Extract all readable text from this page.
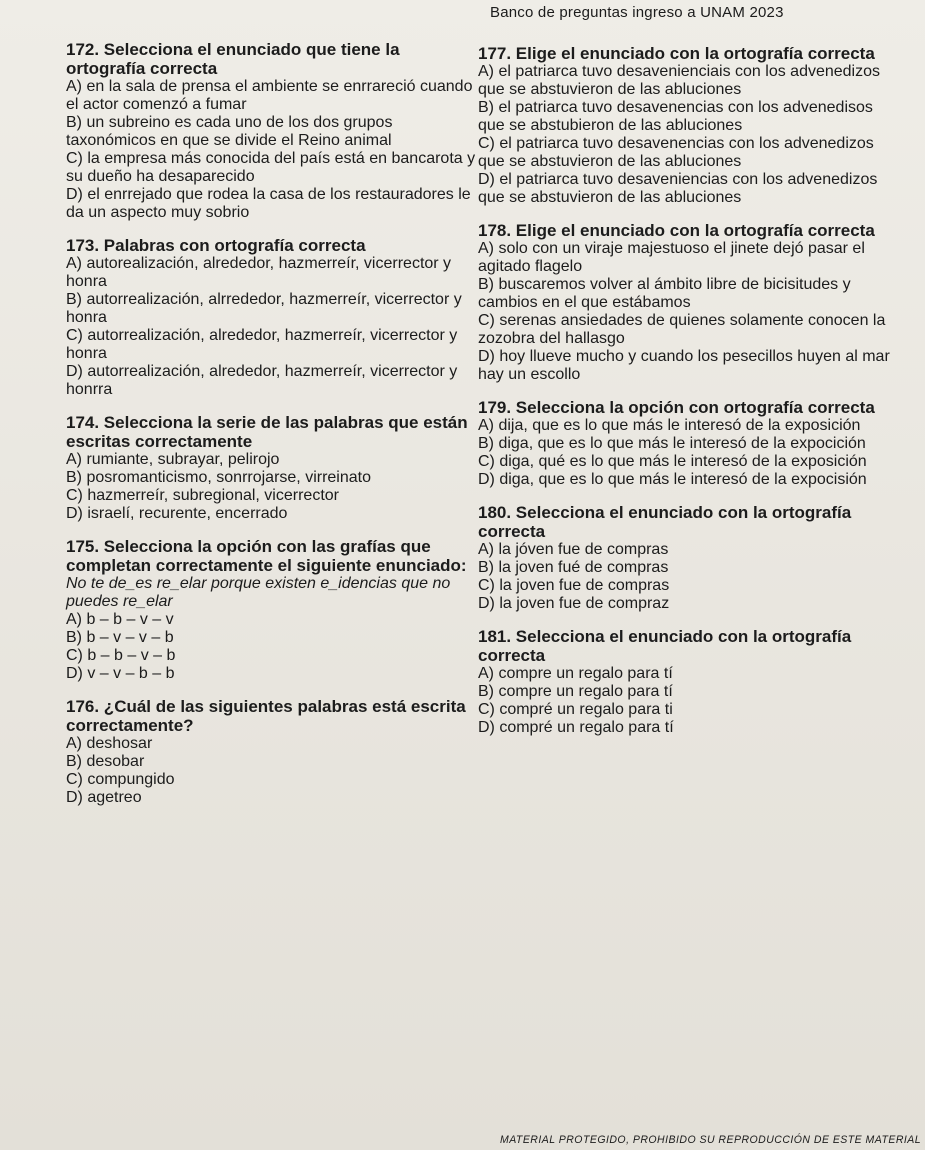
Banco de preguntas ingreso a UNAM 2023

172. Selecciona el enunciado que tiene la ortografía correcta

A) en la sala de prensa el ambiente se enrrareció cuando el actor comenzó a fumar

B) un subreino es cada uno de los dos grupos taxonómicos en que se divide el Reino animal

C) la empresa más conocida del país está en bancarota y su dueño ha desaparecido

D) el enrrejado que rodea la casa de los restauradores le da un aspecto muy sobrio

173. Palabras con ortografía correcta

A) autorealización, alrededor, hazmerreír, vicerrector y honra

B) autorrealización, alrrededor, hazmerreír, vicerrector y honra

C) autorrealización, alrededor, hazmerreír, vicerrector y honra

D) autorrealización, alrededor, hazmerreír, vicerrector y honrra

174. Selecciona la serie de las palabras que están escritas correctamente

A) rumiante, subrayar, pelirojo

B) posromanticismo, sonrrojarse, virreinato

C) hazmerreír, subregional, vicerrector

D) israelí, recurente, encerrado

175. Selecciona la opción con las grafías que completan correctamente el siguiente enunciado:

No te de_es re_elar porque existen e_idencias que no puedes re_elar

A) b – b – v – v

B) b – v – v – b

C) b – b – v – b

D) v – v – b – b

176. ¿Cuál de las siguientes palabras está escrita correctamente?

A) deshosar

B) desobar

C) compungido

D) agetreo

177. Elige el enunciado con la ortografía correcta

A) el patriarca tuvo desavenienciais con los advenedizos que se abstuvieron de las abluciones

B) el patriarca tuvo desavenencias con los advenedisos que se abstubieron de las abluciones

C) el patriarca tuvo desavenencias con los advenedizos que se abstuvieron de las abluciones

D) el patriarca tuvo desaveniencias con los advenedizos que se abstuvieron de las abluciones

178. Elige el enunciado con la ortografía correcta

A) solo con un viraje majestuoso el jinete dejó pasar el agitado flagelo

B) buscaremos volver al ámbito libre de bicisitudes y cambios en el que estábamos

C) serenas ansiedades de quienes solamente conocen la zozobra del hallasgo

D) hoy llueve mucho y cuando los pesecillos huyen al mar hay un escollo

179. Selecciona la opción con ortografía correcta

A) dija, que es lo que más le interesó de la exposición

B) diga, que es lo que más le interesó de la expocición

C) diga, qué es lo que más le interesó de la exposición

D) diga, que es lo que más le interesó de la expocisión

180. Selecciona el enunciado con la ortografía correcta

A) la jóven fue de compras

B) la joven fué de compras

C) la joven fue de compras

D) la joven fue de compraz

181. Selecciona el enunciado con la ortografía correcta

A) compre un regalo para tí

B) compre un regalo para tí

C) compré un regalo para ti

D) compré un regalo para tí

MATERIAL PROTEGIDO, PROHIBIDO SU REPRODUCCIÓN DE ESTE MATERIAL
